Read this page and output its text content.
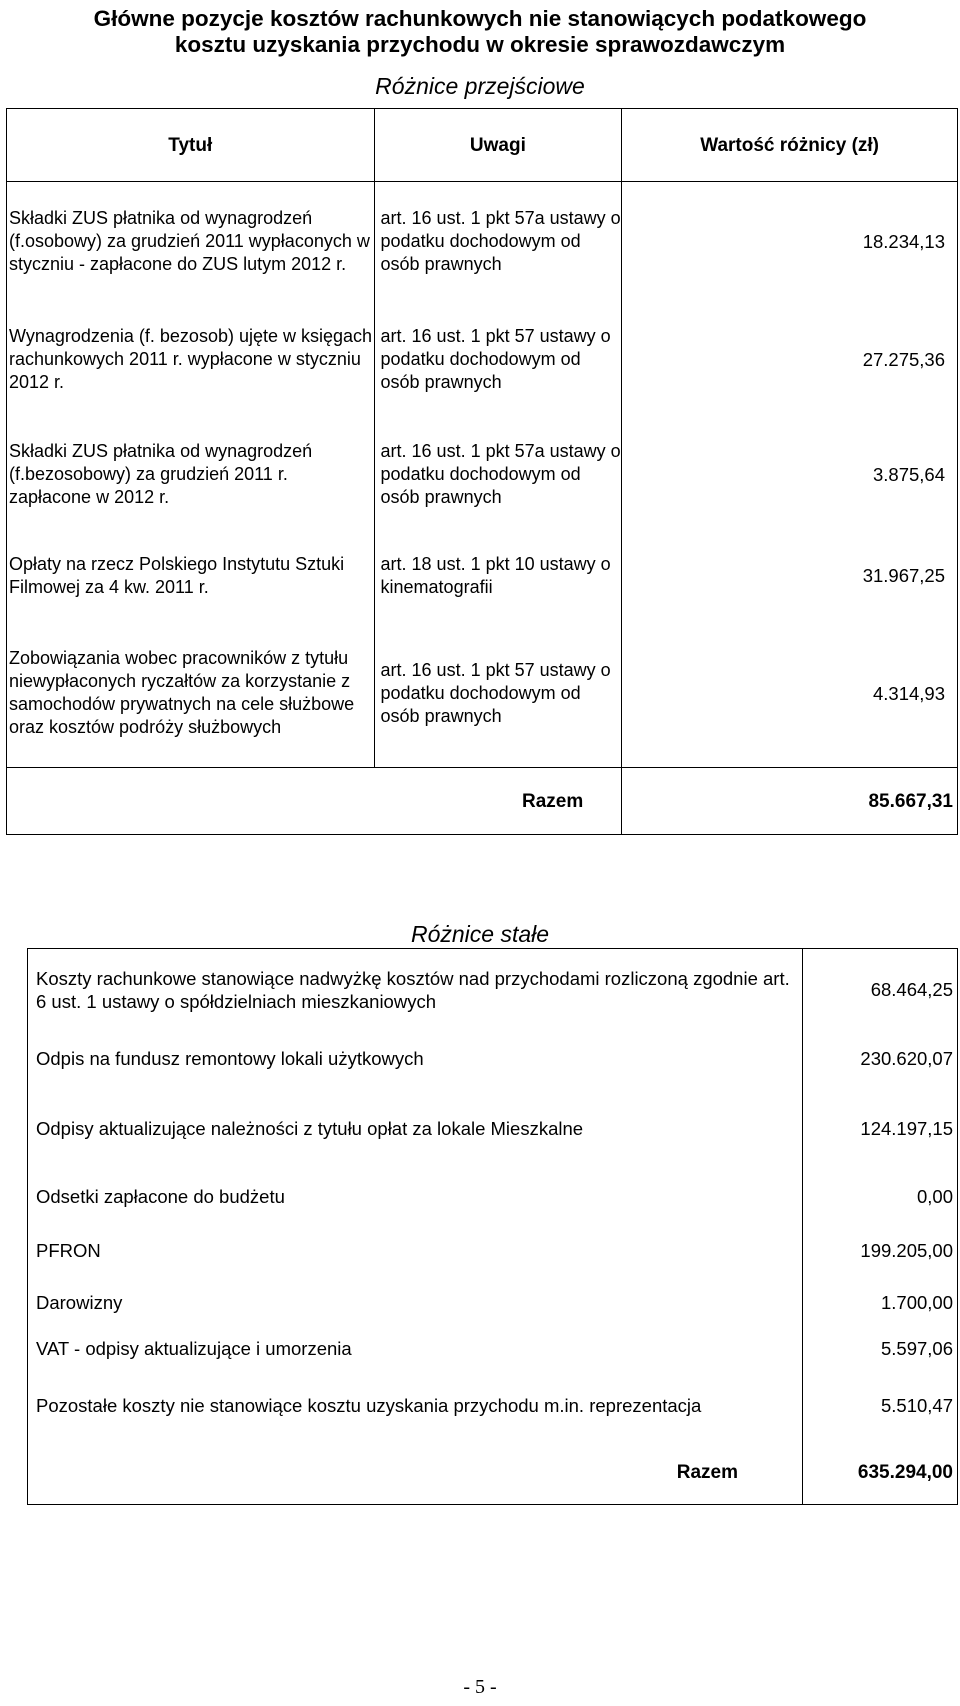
Główne pozycje kosztów rachunkowych nie stanowiących podatkowego
kosztu uzyskania przychodu w okresie sprawozdawczym
Różnice przejściowe
Tytuł	Uwagi	Wartość różnicy (zł)
Składki ZUS płatnika od wynagrodzeń (f.osobowy) za grudzień 2011 wypłaconych w styczniu - zapłacone do ZUS lutym 2012 r.	art. 16 ust. 1 pkt 57a ustawy o podatku dochodowym od osób prawnych	18.234,13
Wynagrodzenia (f. bezosob) ujęte w księgach rachunkowych 2011 r. wypłacone w styczniu 2012 r.	art. 16 ust. 1 pkt 57 ustawy o podatku dochodowym od osób prawnych	27.275,36
Składki ZUS płatnika od wynagrodzeń (f.bezosobowy) za grudzień 2011 r. zapłacone w 2012 r.	art. 16 ust. 1 pkt 57a ustawy o podatku dochodowym od osób prawnych	3.875,64
Opłaty na rzecz Polskiego Instytutu Sztuki Filmowej za 4 kw. 2011 r.	art. 18 ust. 1 pkt 10 ustawy o kinematografii	31.967,25
Zobowiązania wobec pracowników z tytułu niewypłaconych ryczałtów za korzystanie z samochodów prywatnych na cele służbowe oraz kosztów podróży służbowych	art. 16 ust. 1 pkt 57 ustawy o podatku dochodowym od osób prawnych	4.314,93
	Razem	85.667,31
Różnice stałe
Koszty rachunkowe stanowiące nadwyżkę kosztów nad przychodami rozliczoną zgodnie art. 6 ust. 1 ustawy o spółdzielniach mieszkaniowych	68.464,25
Odpis na fundusz remontowy lokali użytkowych	230.620,07
Odpisy aktualizujące należności z tytułu opłat za lokale Mieszkalne	124.197,15
Odsetki zapłacone do budżetu	0,00
PFRON	199.205,00
Darowizny	1.700,00
VAT - odpisy aktualizujące i umorzenia	5.597,06
Pozostałe koszty nie stanowiące kosztu uzyskania przychodu m.in. reprezentacja	5.510,47
Razem	635.294,00
- 5 -
